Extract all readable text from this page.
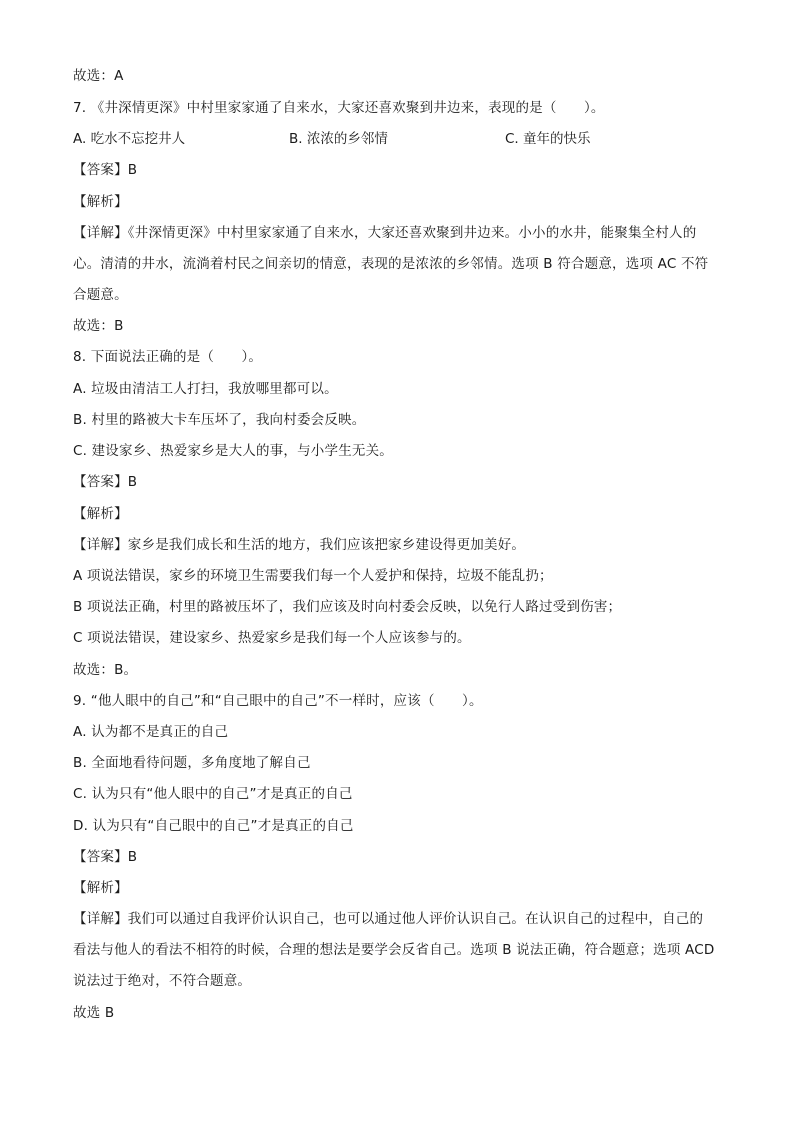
故选：A
7. 《井深情更深》中村里家家通了自来水，大家还喜欢聚到井边来，表现的是（　　）。
A. 吃水不忘挖井人	B. 浓浓的乡邻情	C. 童年的快乐
【答案】B
【解析】
【详解】《井深情更深》中村里家家通了自来水，大家还喜欢聚到井边来。小小的水井，能聚集全村人的
心。清清的井水，流淌着村民之间亲切的情意，表现的是浓浓的乡邻情。选项 B 符合题意，选项 AC 不符
合题意。
故选：B
8. 下面说法正确的是（　　）。
A. 垃圾由清洁工人打扫，我放哪里都可以。
B. 村里的路被大卡车压坏了，我向村委会反映。
C. 建设家乡、热爱家乡是大人的事，与小学生无关。
【答案】B
【解析】
【详解】家乡是我们成长和生活的地方，我们应该把家乡建设得更加美好。
A 项说法错误，家乡的环境卫生需要我们每一个人爱护和保持，垃圾不能乱扔；
B 项说法正确，村里的路被压坏了，我们应该及时向村委会反映，以免行人路过受到伤害；
C 项说法错误，建设家乡、热爱家乡是我们每一个人应该参与的。
故选：B。
9. “他人眼中的自己”和“自己眼中的自己”不一样时，应该（　　）。
A. 认为都不是真正的自己
B. 全面地看待问题，多角度地了解自己
C. 认为只有“他人眼中的自己”才是真正的自己
D. 认为只有“自己眼中的自己”才是真正的自己
【答案】B
【解析】
【详解】我们可以通过自我评价认识自己，也可以通过他人评价认识自己。在认识自己的过程中，自己的
看法与他人的看法不相符的时候，合理的想法是要学会反省自己。选项 B 说法正确，符合题意；选项 ACD
说法过于绝对，不符合题意。
故选 B
